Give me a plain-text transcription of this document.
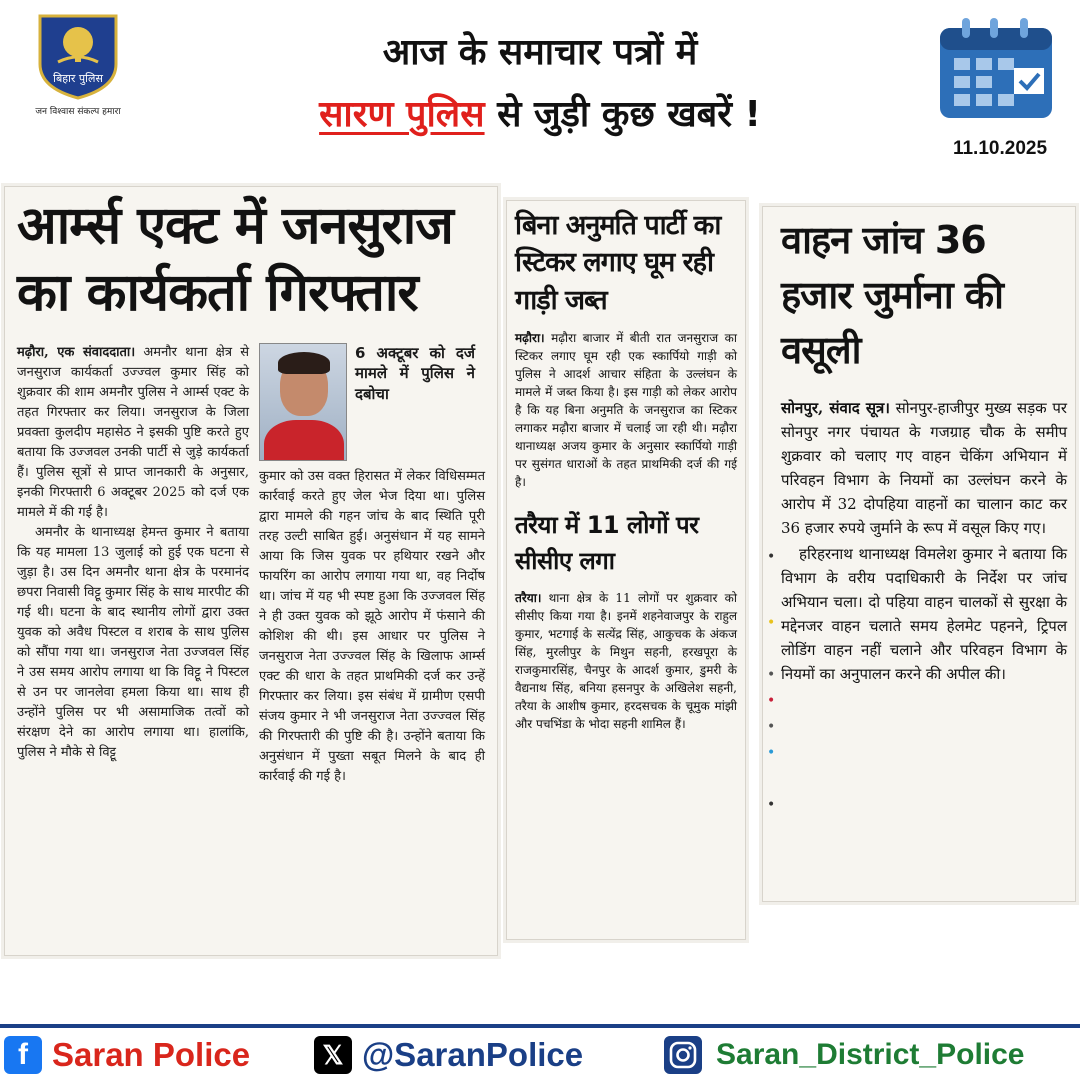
बिहार पुलिस
जन विश्वास संकल्प हमारा
आज के समाचार पत्रों में
सारण पुलिस से जुड़ी कुछ खबरें !
11.10.2025
आर्म्स एक्ट में जनसुराज का कार्यकर्ता गिरफ्तार
मढ़ौरा, एक संवाददाता। अमनौर थाना क्षेत्र से जनसुराज कार्यकर्ता उज्ज्वल कुमार सिंह को शुक्रवार की शाम अमनौर पुलिस ने आर्म्स एक्ट के तहत गिरफ्तार कर लिया। जनसुराज के जिला प्रवक्ता कुलदीप महासेठ ने इसकी पुष्टि करते हुए बताया कि उज्जवल उनकी पार्टी से जुड़े कार्यकर्ता हैं। पुलिस सूत्रों से प्राप्त जानकारी के अनुसार, इनकी गिरफ्तारी 6 अक्टूबर 2025 को दर्ज एक मामले में की गई है।
अमनौर के थानाध्यक्ष हेमन्त कुमार ने बताया कि यह मामला 13 जुलाई को हुई एक घटना से जुड़ा है। उस दिन अमनौर थाना क्षेत्र के परमानंद छपरा निवासी विट्टू कुमार सिंह के साथ मारपीट की गई थी। घटना के बाद स्थानीय लोगों द्वारा उक्त युवक को अवैध पिस्टल व शराब के साथ पुलिस को सौंपा गया था। जनसुराज नेता उज्जवल सिंह ने उस समय आरोप लगाया था कि विट्टू ने पिस्टल से उन पर जानलेवा हमला किया था। साथ ही उन्होंने पुलिस पर भी असामाजिक तत्वों को संरक्षण देने का आरोप लगाया था। हालांकि, पुलिस ने मौके से विट्टू
6 अक्टूबर को दर्ज मामले में पुलिस ने दबोचा
कुमार को उस वक्त हिरासत में लेकर विधिसम्मत कार्रवाई करते हुए जेल भेज दिया था। पुलिस द्वारा मामले की गहन जांच के बाद स्थिति पूरी तरह उल्टी साबित हुई। अनुसंधान में यह सामने आया कि जिस युवक पर हथियार रखने और फायरिंग का आरोप लगाया गया था, वह निर्दोष था। जांच में यह भी स्पष्ट हुआ कि उज्जवल सिंह ने ही उक्त युवक को झूठे आरोप में फंसाने की कोशिश की थी। इस आधार पर पुलिस ने जनसुराज नेता उज्ज्वल सिंह के खिलाफ आर्म्स एक्ट की धारा के तहत प्राथमिकी दर्ज कर उन्हें गिरफ्तार कर लिया। इस संबंध में ग्रामीण एसपी संजय कुमार ने भी जनसुराज नेता उज्ज्वल सिंह की गिरफ्तारी की पुष्टि की है। उन्होंने बताया कि अनुसंधान में पुख्ता सबूत मिलने के बाद ही कार्रवाई की गई है।
बिना अनुमति पार्टी का स्टिकर लगाए घूम रही गाड़ी जब्त
मढ़ौरा। मढ़ौरा बाजार में बीती रात जनसुराज का स्टिकर लगाए घूम रही एक स्कार्पियो गाड़ी को पुलिस ने आदर्श आचार संहिता के उल्लंघन के मामले में जब्त किया है। इस गाड़ी को लेकर आरोप है कि यह बिना अनुमति के जनसुराज का स्टिकर लगाकर मढ़ौरा बाजार में चलाई जा रही थी। मढ़ौरा थानाध्यक्ष अजय कुमार के अनुसार स्कार्पियो गाड़ी पर सुसंगत धाराओं के तहत प्राथमिकी दर्ज की गई है।
तरैया में 11 लोगों पर सीसीए लगा
तरैया। थाना क्षेत्र के 11 लोगों पर शुक्रवार को सीसीए किया गया है। इनमें शहनेवाजपुर के राहुल कुमार, भटगाई के सत्येंद्र सिंह, आकुचक के अंकज सिंह, मुरलीपुर के मिथुन सहनी, हरखपूरा के राजकुमारसिंह, चैनपुर के आदर्श कुमार, डुमरी के वैद्यनाथ सिंह, बनिया हसनपुर के अखिलेश सहनी, तरैया के आशीष कुमार, हरदसचक के चूमुक मांझी और पचभिंडा के भोदा सहनी शामिल हैं।
वाहन जांच 36 हजार जुर्माना की वसूली
सोनपुर, संवाद सूत्र। सोनपुर-हाजीपुर मुख्य सड़क पर सोनपुर नगर पंचायत के गजग्राह चौक के समीप शुक्रवार को चलाए गए वाहन चेकिंग अभियान में परिवहन विभाग के नियमों का उल्लंघन करने के आरोप में 32 दोपहिया वाहनों का चालान काट कर 36 हजार रुपये जुर्माने के रूप में वसूल किए गए।
•
•
•
•
•
•
•
हरिहरनाथ थानाध्यक्ष विमलेश कुमार ने बताया कि विभाग के वरीय पदाधिकारी के निर्देश पर जांच अभियान चला। दो पहिया वाहन चालकों से सुरक्षा के मद्देनजर वाहन चलाते समय हेलमेट पहनने, ट्रिपल लोडिंग वाहन नहीं चलाने और परिवहन विभाग के नियमों का अनुपालन करने की अपील की।
f Saran Police	𝕏 @SaranPolice	Saran_District_Police
